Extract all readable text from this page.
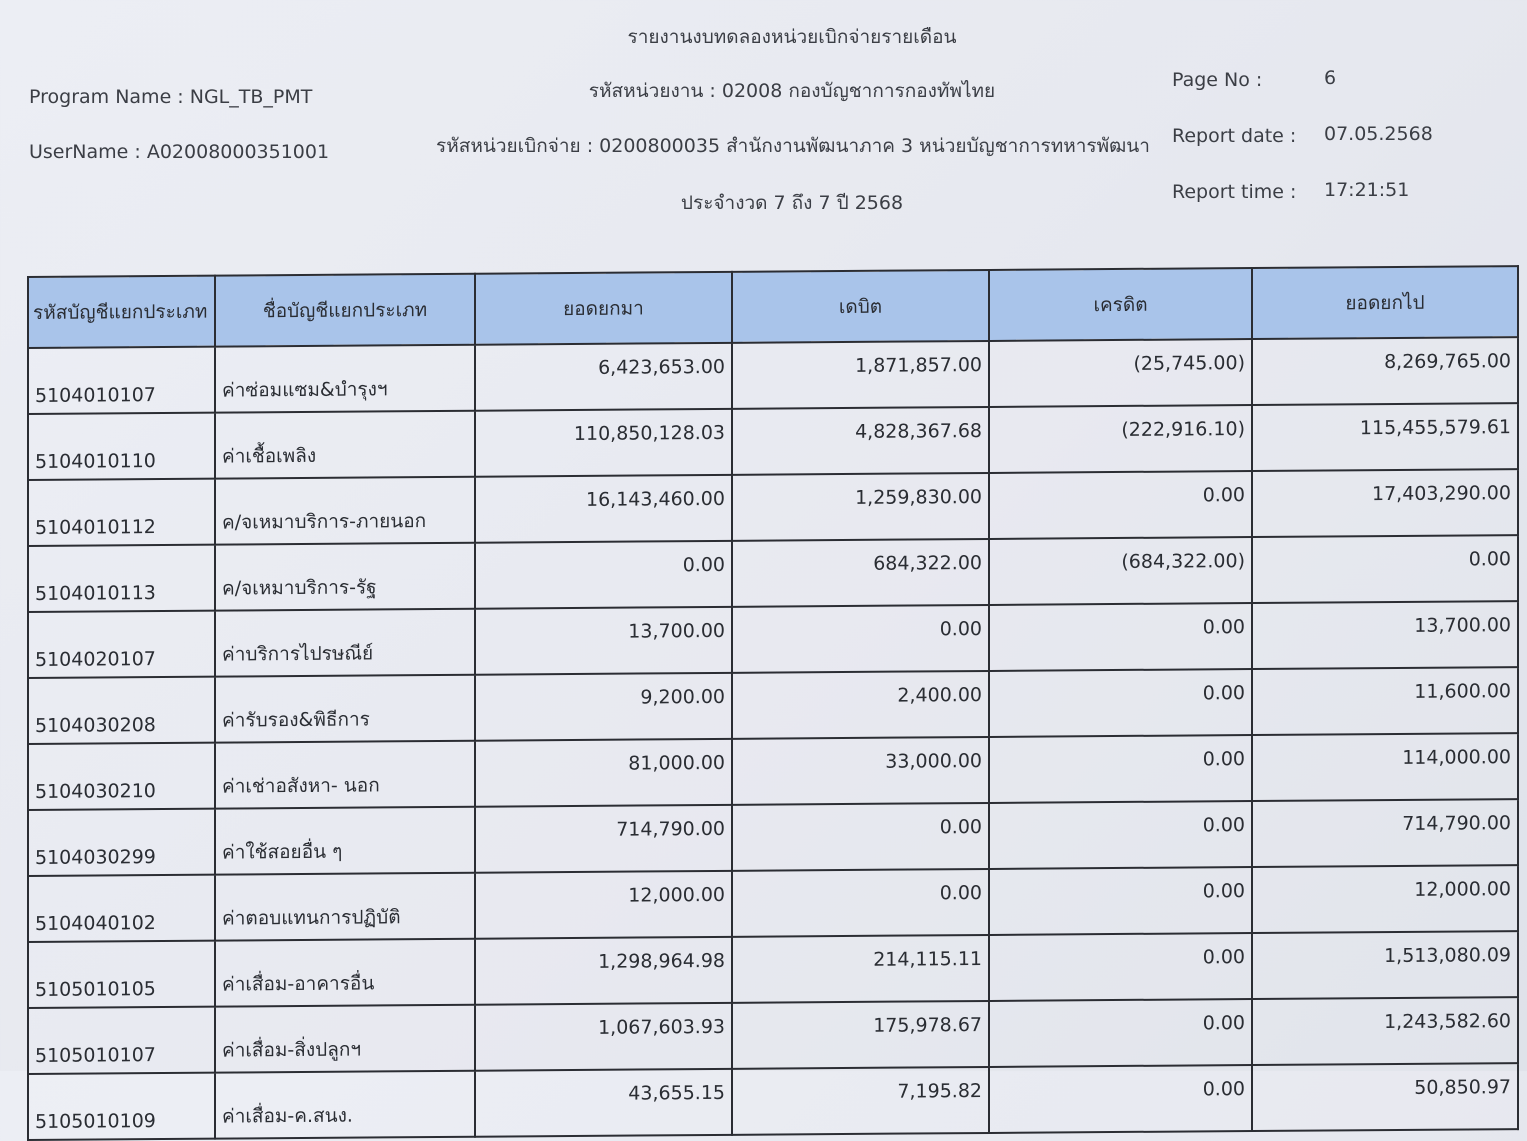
รายงานงบทดลองหน่วยเบิกจ่ายรายเดือน
Program Name : NGL_TB_PMT	รหัสหน่วยงาน : 02008 กองบัญชาการกองทัพไทย
UserName : A02008000351001	รหัสหน่วยเบิกจ่าย : 0200800035 สำนักงานพัฒนาภาค 3 หน่วยบัญชาการทหารพัฒนา
ประจำงวด 7 ถึง 7 ปี 2568
Page No :	6
Report date : 07.05.2568
Report time : 17:21:51
รหัสบัญชีแยกประเภท	ชื่อบัญชีแยกประเภท	ยอดยกมา	เดบิต	เครดิต	ยอดยกไป
5104010107	ค่าซ่อมแซม&บำรุงฯ	6,423,653.00	1,871,857.00	(25,745.00)	8,269,765.00
5104010110	ค่าเชื้อเพลิง	110,850,128.03	4,828,367.68	(222,916.10)	115,455,579.61
5104010112	ค/จเหมาบริการ-ภายนอก	16,143,460.00	1,259,830.00	0.00	17,403,290.00
5104010113	ค/จเหมาบริการ-รัฐ	0.00	684,322.00	(684,322.00)	0.00
5104020107	ค่าบริการไปรษณีย์	13,700.00	0.00	0.00	13,700.00
5104030208	ค่ารับรอง&พิธีการ	9,200.00	2,400.00	0.00	11,600.00
5104030210	ค่าเช่าอสังหา- นอก	81,000.00	33,000.00	0.00	114,000.00
5104030299	ค่าใช้สอยอื่น ๆ	714,790.00	0.00	0.00	714,790.00
5104040102	ค่าตอบแทนการปฏิบัติ	12,000.00	0.00	0.00	12,000.00
5105010105	ค่าเสื่อม-อาคารอื่น	1,298,964.98	214,115.11	0.00	1,513,080.09
5105010107	ค่าเสื่อม-สิ่งปลูกฯ	1,067,603.93	175,978.67	0.00	1,243,582.60
5105010109	ค่าเสื่อม-ค.สนง.	43,655.15	7,195.82	0.00	50,850.97
